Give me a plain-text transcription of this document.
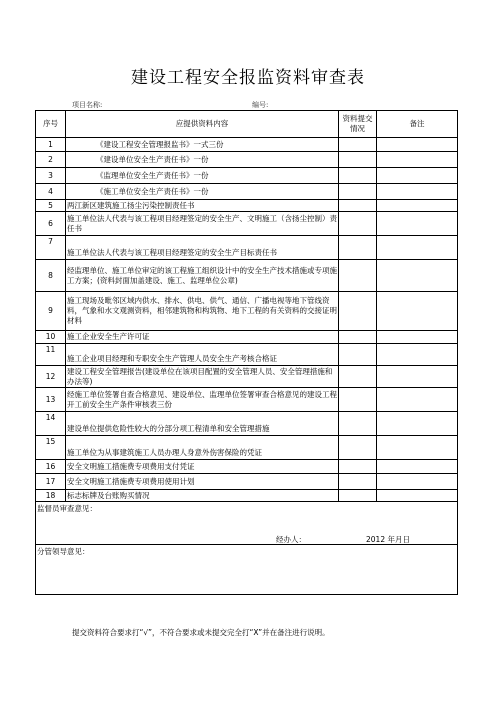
建设工程安全报监资料审查表
项目名称:	编号:
序号	应提供资料内容	资料提交情况	备注
1	《建设工程安全管理报监书》一式三份		
2	《建设单位安全生产责任书》一份		
3	《监理单位安全生产责任书》一份		
4	《施工单位安全生产责任书》一份		
5	两江新区建筑施工扬尘污染控制责任书		
6	施工单位法人代表与该工程项目经理签定的安全生产、文明施工（含扬尘控制）责任书		
7	施工单位法人代表与该工程项目经理签定的安全生产目标责任书		
8	经监理单位、施工单位审定的该工程施工组织设计中的安全生产技术措施或专项施工方案；(资料封面加盖建设、施工、监理单位公章)		
9	施工现场及毗邻区域内供水、排水、供电、供气、通信、广播电视等地下管线资料，气象和水文观测资料，相邻建筑物和构筑物、地下工程的有关资料的交接证明材料		
10	施工企业安全生产许可证		
11	施工企业项目经理和专职安全生产管理人员安全生产考核合格证		
12	建设工程安全管理报告(建设单位在该项目配置的安全管理人员、安全管理措施和办法等)		
13	经施工单位签署自查合格意见、建设单位、监理单位签署审查合格意见的建设工程开工前安全生产条件审核表三份		
14	建设单位提供危险性较大的分部分项工程清单和安全管理措施		
15	施工单位为从事建筑施工人员办理人身意外伤害保险的凭证		
16	安全文明施工措施费专项费用支付凭证		
17	安全文明施工措施费专项费用使用计划		
18	标志标牌及台账购买情况		
监督员审查意见：
经办人： 2012 年月日			

分管领导意见：			
提交资料符合要求打“√”，不符合要求或未提交完全打“X”并在备注进行说明。
